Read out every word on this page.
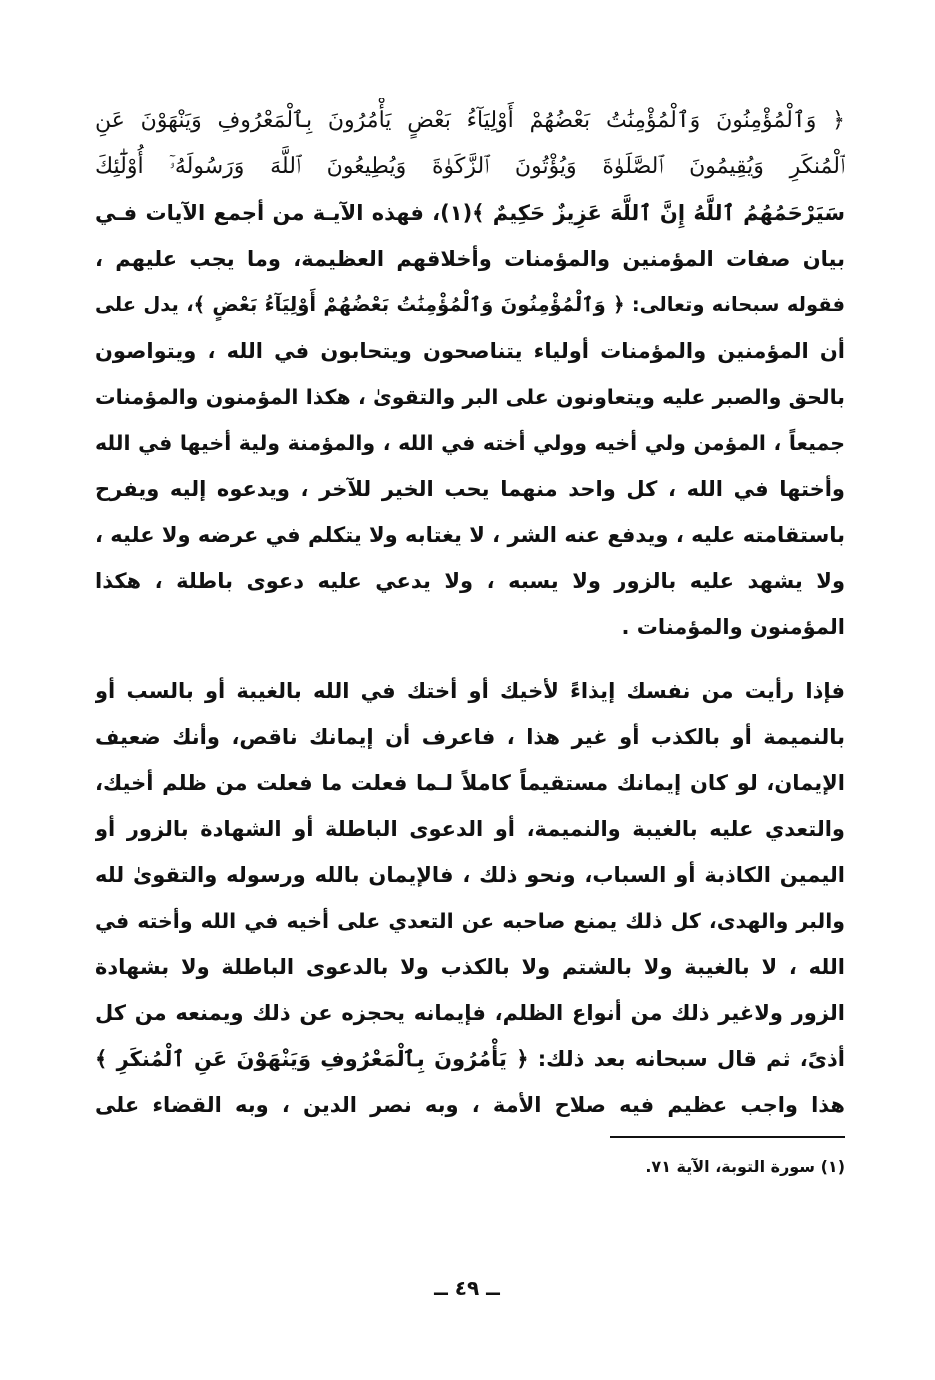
﴿ وَٱلْمُؤْمِنُونَ وَٱلْمُؤْمِنَٰتُ بَعْضُهُمْ أَوْلِيَآءُ بَعْضٍ يَأْمُرُونَ بِٱلْمَعْرُوفِ وَيَنْهَوْنَ عَنِ
ٱلْمُنكَرِ وَيُقِيمُونَ ٱلصَّلَوٰةَ وَيُؤْتُونَ ٱلزَّكَوٰةَ وَيُطِيعُونَ ٱللَّهَ وَرَسُولَهُۥٓ أُوْلَٰٓئِكَ
سَيَرْحَمُهُمُ ٱللَّهُ إِنَّ ٱللَّهَ عَزِيزٌ حَكِيمٌ ﴾(١)، فهذه الآيـة من أجمع الآيات فـي
بيان صفات المؤمنين والمؤمنات وأخلاقهم العظيمة، وما يجب عليهم ،
فقوله سبحانه وتعالى: ﴿ وَٱلْمُؤْمِنُونَ وَٱلْمُؤْمِنَٰتُ بَعْضُهُمْ أَوْلِيَآءُ بَعْضٍ ﴾، يدل على
أن المؤمنين والمؤمنات أولياء يتناصحون ويتحابون في الله ، ويتواصون
بالحق والصبر عليه ويتعاونون على البر والتقوىٰ ، هكذا المؤمنون والمؤمنات
جميعاً ، المؤمن ولي أخيه وولي أخته في الله ، والمؤمنة ولية أخيها في الله
وأختها في الله ، كل واحد منهما يحب الخير للآخر ، ويدعوه إليه ويفرح
باستقامته عليه ، ويدفع عنه الشر ، لا يغتابه ولا يتكلم في عرضه ولا عليه ،
ولا يشهد عليه بالزور ولا يسبه ، ولا يدعي عليه دعوى باطلة ، هكذا
المؤمنون والمؤمنات .
فإذا رأيت من نفسك إيذاءً لأخيك أو أختك في الله بالغيبة أو بالسب أو
بالنميمة أو بالكذب أو غير هذا ، فاعرف أن إيمانك ناقص، وأنك ضعيف
الإيمان، لو كان إيمانك مستقيماً كاملاً لـما فعلت ما فعلت من ظلم أخيك،
والتعدي عليه بالغيبة والنميمة، أو الدعوى الباطلة أو الشهادة بالزور أو
اليمين الكاذبة أو السباب، ونحو ذلك ، فالإيمان بالله ورسوله والتقوىٰ لله
والبر والهدى، كل ذلك يمنع صاحبه عن التعدي على أخيه في الله وأخته في
الله ، لا بالغيبة ولا بالشتم ولا بالكذب ولا بالدعوى الباطلة ولا بشهادة
الزور ولاغير ذلك من أنواع الظلم، فإيمانه يحجزه عن ذلك ويمنعه من كل
أذىً، ثم قال سبحانه بعد ذلك: ﴿ يَأْمُرُونَ بِٱلْمَعْرُوفِ وَيَنْهَوْنَ عَنِ ٱلْمُنكَرِ ﴾
هذا واجب عظيم فيه صلاح الأمة ، وبه نصر الدين ، وبه القضاء على
(١) سورة التوبة، الآية ٧١.
ــ ٤٩ ــ
